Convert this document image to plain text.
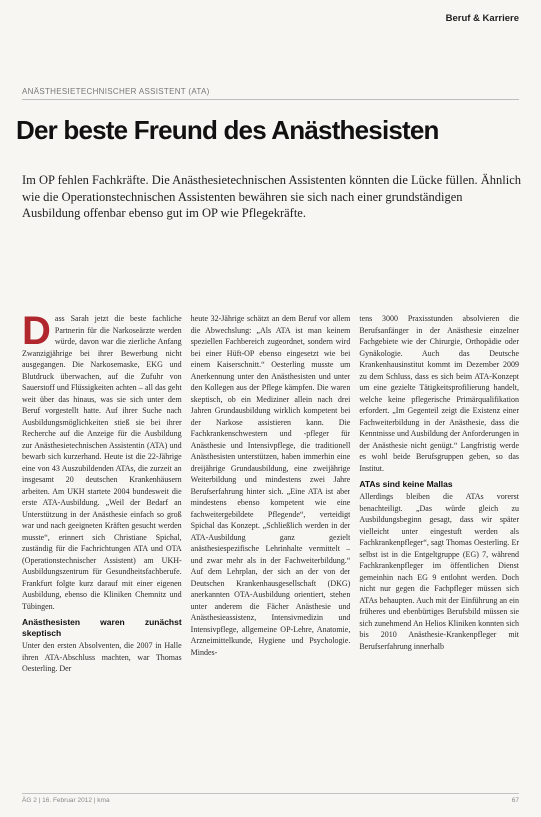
Beruf & Karriere
ANÄSTHESIETECHNISCHER ASSISTENT (ATA)
Der beste Freund des Anästhesisten

Im OP fehlen Fachkräfte. Die Anästhesietechnischen Assistenten könnten die Lücke füllen. Ähnlich wie die Operationstechnischen Assistenten bewähren sie sich nach einer grundständigen Ausbildung offenbar ebenso gut im OP wie Pflegekräfte.

Dass Sarah jetzt die beste fachliche Partnerin für die Narkoseärzte werden würde, davon war die zierliche Anfang Zwanzigjährige bei ihrer Bewerbung nicht ausgegangen. Die Narkosemaske, EKG und Blutdruck überwachen, auf die Zufuhr von Sauerstoff und Flüssigkeiten achten – all das geht weit über das hinaus, was sie sich unter dem Beruf vorgestellt hatte. Auf ihrer Suche nach Ausbildungsmöglichkeiten stieß sie bei ihrer Recherche auf die Anzeige für die Ausbildung zur Anästhesietechnischen Assistentin (ATA) und bewarb sich kurzerhand. Heute ist die 22-Jährige eine von 43 Auszubildenden ATAs, die zurzeit an insgesamt 20 deutschen Krankenhäusern arbeiten. Am UKH startete 2004 bundesweit die erste ATA-Ausbildung. „Weil der Bedarf an Unterstützung in der Anästhesie einfach so groß war und nach geeigneten Kräften gesucht werden musste“, erinnert sich Christiane Spichal, zuständig für die Fachrichtungen ATA und OTA (Operationstechnischer Assistent) am UKH-Ausbildungszentrum für Gesundheitsfachberufe. Frankfurt folgte kurz darauf mit einer eigenen Ausbildung, ebenso die Kliniken Chemnitz und Tübingen.

Anästhesisten waren zunächst skeptisch

Unter den ersten Absolventen, die 2007 in Halle ihren ATA-Abschluss machten, war Thomas Oesterling. Der

heute 32-Jährige schätzt an dem Beruf vor allem die Abwechslung: „Als ATA ist man keinem speziellen Fachbereich zugeordnet, sondern wird bei einer Hüft-OP ebenso eingesetzt wie bei einem Kaiserschnitt.“ Oesterling musste um Anerkennung unter den Anästhesisten und unter den Kollegen aus der Pflege kämpfen. Die waren skeptisch, ob ein Mediziner allein nach drei Jahren Grundausbildung wirklich kompetent bei der Narkose assistieren kann. Die Fachkrankenschwestern und -pfleger für Anästhesie und Intensivpflege, die traditionell Anästhesisten unterstützen, haben immerhin eine dreijährige Grundausbildung, eine zweijährige Weiterbildung und mindestens zwei Jahre Berufserfahrung hinter sich. „Eine ATA ist aber mindestens ebenso kompetent wie eine fachweitergebildete Pflegende“, verteidigt Spichal das Konzept. „Schließlich werden in der ATA-Ausbildung ganz gezielt anästhesiespezifische Lehrinhalte vermittelt – und zwar mehr als in der Fachweiterbildung.“ Auf dem Lehrplan, der sich an der von der Deutschen Krankenhausgesellschaft (DKG) anerkannten OTA-Ausbildung orientiert, stehen unter anderem die Fächer Anästhesie und Anästhesieassistenz, Intensivmedizin und Intensivpflege, allgemeine OP-Lehre, Anatomie, Arzneimittelkunde, Hygiene und Psychologie. Mindes-

tens 3000 Praxisstunden absolvieren die Berufsanfänger in der Anästhesie einzelner Fachgebiete wie der Chirurgie, Orthopädie oder Gynäkologie. Auch das Deutsche Krankenhausinstitut kommt im Dezember 2009 zu dem Schluss, dass es sich beim ATA-Konzept um eine gezielte Tätigkeitsprofilierung handelt, welche keine pflegerische Primärqualifikation erfordert. „Im Gegenteil zeigt die Existenz einer Fachweiterbildung in der Anästhesie, dass die Kenntnisse und Ausbildung der Anforderungen in der Anästhesie nicht genügt.“ Langfristig werde es wohl beide Berufsgruppen geben, so das Institut.

ATAs sind keine Mallas

Allerdings bleiben die ATAs vorerst benachteiligt. „Das würde gleich zu Ausbildungsbeginn gesagt, dass wir später vielleicht unter eingestuft werden als Fachkrankenpfleger“, sagt Thomas Oesterling. Er selbst ist in die Entgeltgruppe (EG) 7, während Fachkrankenpfleger im öffentlichen Dienst gemeinhin nach EG 9 entlohnt werden. Doch nicht nur gegen die Fachpfleger müssen sich ATAs behaupten. Auch mit der Einführung an ein früheres und ebenbürtiges Berufsbild müssen sie sich zunehmend An Helios Kliniken konnten sich bis 2010 Anästhesie-Krankenpfleger mit Berufserfahrung innerhalb

ÄG 2 | 16. Februar 2012 | kma	67
